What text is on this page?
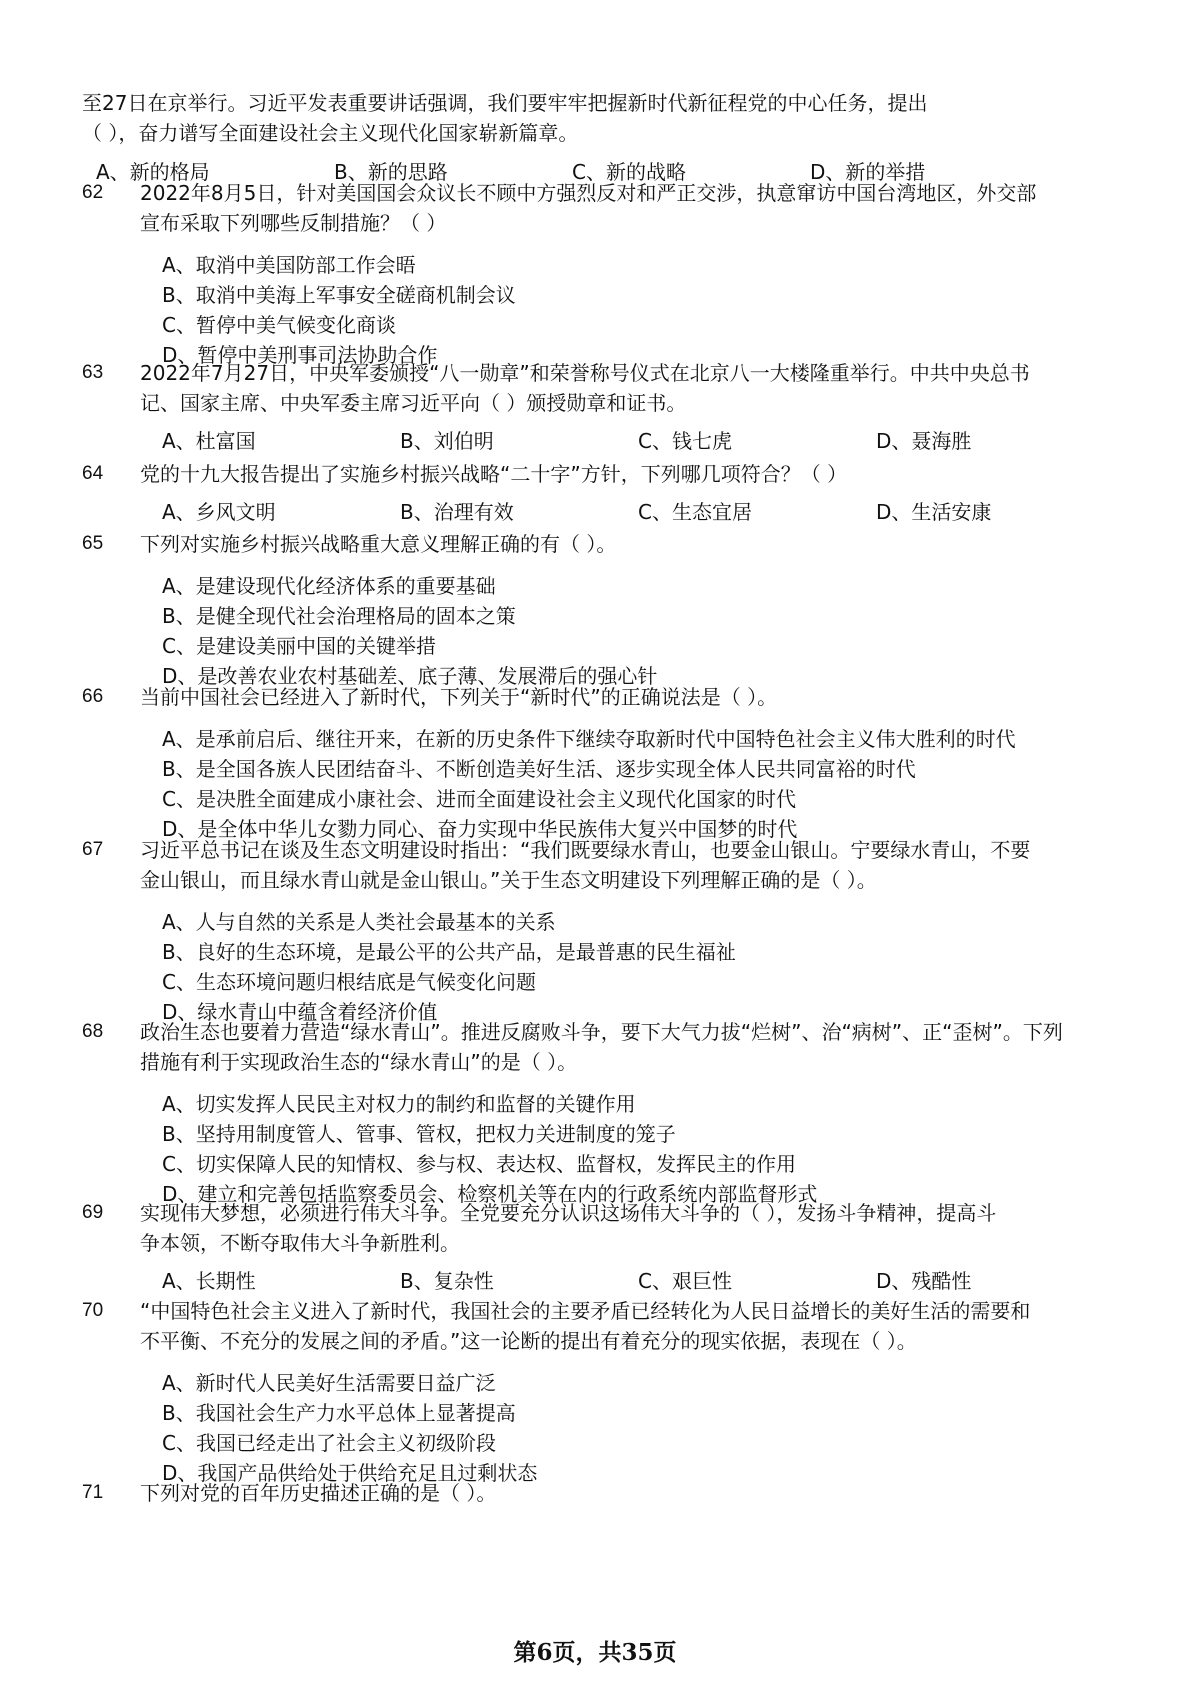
至27日在京举行。习近平发表重要讲话强调，我们要牢牢把握新时代新征程党的中心任务，提出
（ ），奋力谱写全面建设社会主义现代化国家崭新篇章。
A、新的格局	B、新的思路	C、新的战略	D、新的举措
62	2022年8月5日，针对美国国会众议长不顾中方强烈反对和严正交涉，执意窜访中国台湾地区，外交部
宣布采取下列哪些反制措施？（ ）
A、取消中美国防部工作会晤
B、取消中美海上军事安全磋商机制会议
C、暂停中美气候变化商谈
D、暂停中美刑事司法协助合作
63	2022年7月27日，中央军委颁授“八一勋章”和荣誉称号仪式在北京八一大楼隆重举行。中共中央总书
记、国家主席、中央军委主席习近平向（ ）颁授勋章和证书。
A、杜富国	B、刘伯明	C、钱七虎	D、聂海胜
64	党的十九大报告提出了实施乡村振兴战略“二十字”方针，下列哪几项符合？（ ）
A、乡风文明	B、治理有效	C、生态宜居	D、生活安康
65	下列对实施乡村振兴战略重大意义理解正确的有（ ）。
A、是建设现代化经济体系的重要基础
B、是健全现代社会治理格局的固本之策
C、是建设美丽中国的关键举措
D、是改善农业农村基础差、底子薄、发展滞后的强心针
66	当前中国社会已经进入了新时代，下列关于“新时代”的正确说法是（ ）。
A、是承前启后、继往开来，在新的历史条件下继续夺取新时代中国特色社会主义伟大胜利的时代
B、是全国各族人民团结奋斗、不断创造美好生活、逐步实现全体人民共同富裕的时代
C、是决胜全面建成小康社会、进而全面建设社会主义现代化国家的时代
D、是全体中华儿女勠力同心、奋力实现中华民族伟大复兴中国梦的时代
67	习近平总书记在谈及生态文明建设时指出：“我们既要绿水青山，也要金山银山。宁要绿水青山，不要
金山银山，而且绿水青山就是金山银山。”关于生态文明建设下列理解正确的是（ ）。
A、人与自然的关系是人类社会最基本的关系
B、良好的生态环境，是最公平的公共产品，是最普惠的民生福祉
C、生态环境问题归根结底是气候变化问题
D、绿水青山中蕴含着经济价值
68	政治生态也要着力营造“绿水青山”。推进反腐败斗争，要下大气力拔“烂树”、治“病树”、正“歪树”。下列
措施有利于实现政治生态的“绿水青山”的是（ ）。
A、切实发挥人民民主对权力的制约和监督的关键作用
B、坚持用制度管人、管事、管权，把权力关进制度的笼子
C、切实保障人民的知情权、参与权、表达权、监督权，发挥民主的作用
D、建立和完善包括监察委员会、检察机关等在内的行政系统内部监督形式
69	实现伟大梦想，必须进行伟大斗争。全党要充分认识这场伟大斗争的（ ），发扬斗争精神，提高斗
争本领，不断夺取伟大斗争新胜利。
A、长期性	B、复杂性	C、艰巨性	D、残酷性
70	“中国特色社会主义进入了新时代，我国社会的主要矛盾已经转化为人民日益增长的美好生活的需要和
不平衡、不充分的发展之间的矛盾。”这一论断的提出有着充分的现实依据，表现在（ ）。
A、新时代人民美好生活需要日益广泛
B、我国社会生产力水平总体上显著提高
C、我国已经走出了社会主义初级阶段
D、我国产品供给处于供给充足且过剩状态
71	下列对党的百年历史描述正确的是（ ）。
第6页，共35页
